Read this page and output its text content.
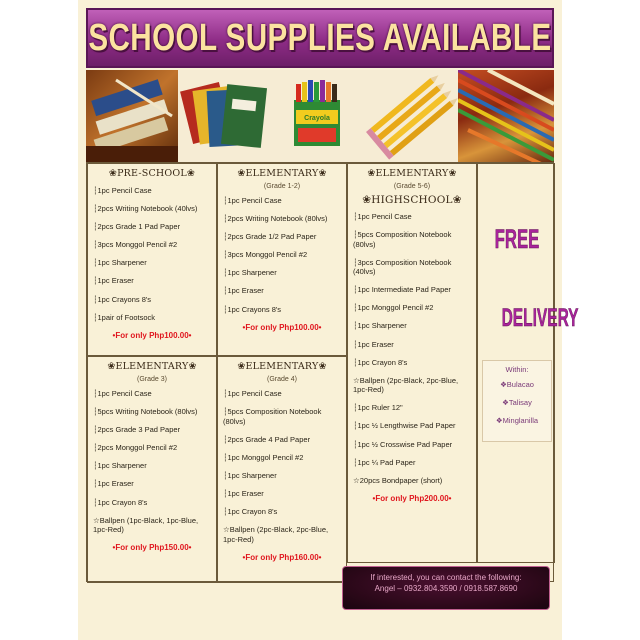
SCHOOL SUPPLIES AVAILABLE
Crayola
❀PRE-SCHOOL❀
┆1pc Pencil Case
┆2pcs Writing Notebook (40lvs)
┆2pcs Grade 1 Pad Paper
┆3pcs Monggol Pencil #2
┆1pc Sharpener
┆1pc Eraser
┆1pc Crayons 8's
┆1pair of Footsock
•For only Php100.00•
❀ELEMENTARY❀
(Grade 1-2)
┆1pc Pencil Case
┆2pcs Writing Notebook (80lvs)
┆2pcs Grade 1/2 Pad Paper
┆3pcs Monggol Pencil #2
┆1pc Sharpener
┆1pc Eraser
┆1pc Crayons 8's
•For only Php100.00•
❀ELEMENTARY❀
(Grade 3)
┆1pc Pencil Case
┆5pcs Writing Notebook (80lvs)
┆2pcs Grade 3 Pad Paper
┆2pcs Monggol Pencil #2
┆1pc Sharpener
┆1pc Eraser
┆1pc Crayon 8's
☆Ballpen (1pc-Black, 1pc-Blue, 1pc-Red)
•For only Php150.00•
❀ELEMENTARY❀
(Grade 4)
┆1pc Pencil Case
┆5pcs Composition Notebook (80lvs)
┆2pcs Grade 4 Pad Paper
┆1pc Monggol Pencil #2
┆1pc Sharpener
┆1pc Eraser
┆1pc Crayon 8's
☆Ballpen (2pc-Black, 2pc-Blue, 1pc-Red)
•For only Php160.00•
❀ELEMENTARY❀
(Grade 5-6)
❀HIGHSCHOOL❀
┆1pc Pencil Case
┆5pcs Composition Notebook (80lvs)
┆3pcs Composition Notebook (40lvs)
┆1pc Intermediate Pad Paper
┆1pc Monggol Pencil #2
┆1pc Sharpener
┆1pc Eraser
┆1pc Crayon 8's
☆Ballpen (2pc-Black, 2pc-Blue, 1pc-Red)
┆1pc Ruler 12"
┆1pc ½ Lengthwise Pad Paper
┆1pc ½ Crosswise Pad Paper
┆1pc ¼ Pad Paper
☆20pcs Bondpaper (short)
•For only Php200.00•
FREE
DELIVERY
Within:
❖Bulacao
❖Talisay
❖Minglanilla

If interested, you can contact the following:

Angel – 0932.804.3590 / 0918.587.8690
